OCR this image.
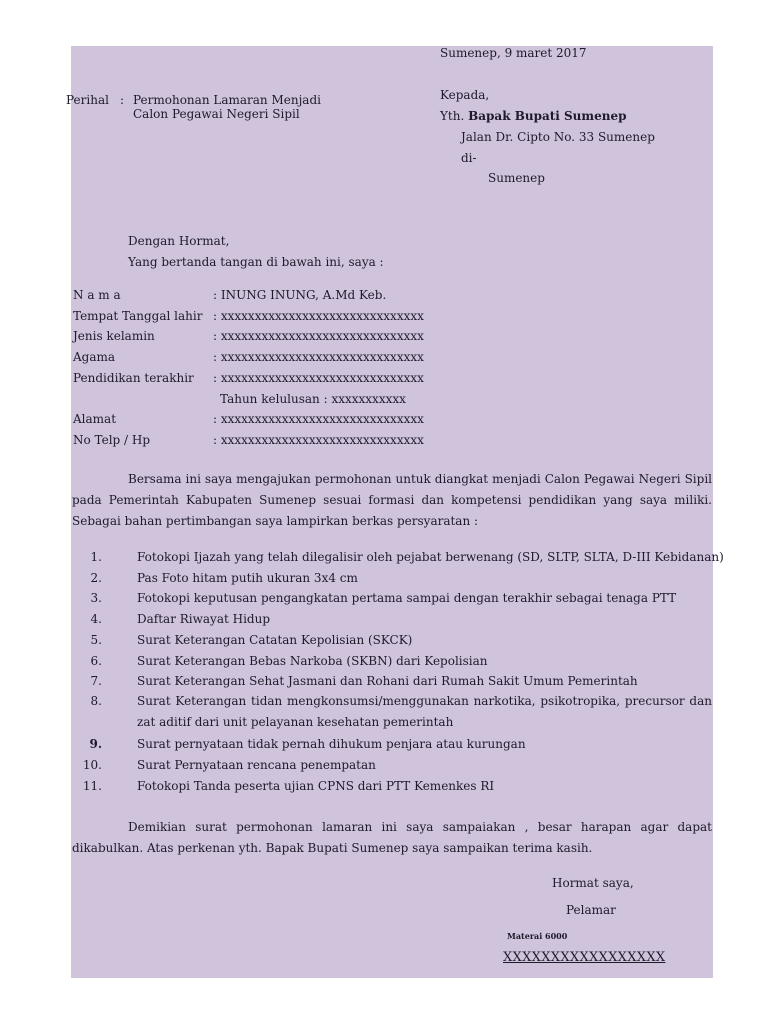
Sumenep, 9 maret 2017
Perihal : Permohonan Lamaran Menjadi
Calon Pegawai Negeri Sipil
Kepada,
Yth. Bapak Bupati Sumenep
Jalan Dr. Cipto No. 33 Sumenep
di-
Sumenep
Dengan Hormat,
Yang bertanda tangan di bawah ini, saya :
N a m a	: INUNG INUNG, A.Md Keb.
Tempat Tanggal lahir : xxxxxxxxxxxxxxxxxxxxxxxxxxxxxx
Jenis kelamin	: xxxxxxxxxxxxxxxxxxxxxxxxxxxxxx
Agama	: xxxxxxxxxxxxxxxxxxxxxxxxxxxxxx
Pendidikan terakhir : xxxxxxxxxxxxxxxxxxxxxxxxxxxxxx
Tahun kelulusan : xxxxxxxxxxx
Alamat	: xxxxxxxxxxxxxxxxxxxxxxxxxxxxxx
No Telp / Hp	: xxxxxxxxxxxxxxxxxxxxxxxxxxxxxx
Bersama ini saya mengajukan permohonan untuk diangkat menjadi Calon Pegawai Negeri Sipil pada Pemerintah Kabupaten Sumenep sesuai formasi dan kompetensi pendidikan yang saya miliki. Sebagai bahan pertimbangan saya lampirkan berkas persyaratan :
1.	Fotokopi Ijazah yang telah dilegalisir oleh pejabat berwenang (SD, SLTP, SLTA, D-III Kebidanan)
2.	Pas Foto hitam putih ukuran 3x4 cm
3.	Fotokopi keputusan pengangkatan pertama sampai dengan terakhir sebagai tenaga PTT
4.	Daftar Riwayat Hidup
5.	Surat Keterangan Catatan Kepolisian (SKCK)
6.	Surat Keterangan Bebas Narkoba (SKBN) dari Kepolisian
7.	Surat Keterangan Sehat Jasmani dan Rohani dari Rumah Sakit Umum Pemerintah
8.	Surat Keterangan tidan mengkonsumsi/menggunakan narkotika, psikotropika, precursor dan zat aditif dari unit pelayanan kesehatan pemerintah
9.	Surat pernyataan tidak pernah dihukum penjara atau kurungan
10.	Surat Pernyataan rencana penempatan
11.	Fotokopi Tanda peserta ujian CPNS dari PTT Kemenkes RI
Demikian surat permohonan lamaran ini saya sampaiakan , besar harapan agar dapat dikabulkan. Atas perkenan yth. Bapak Bupati Sumenep saya sampaikan terima kasih.
Hormat saya,
Pelamar
Materai 6000
XXXXXXXXXXXXXXXXX
